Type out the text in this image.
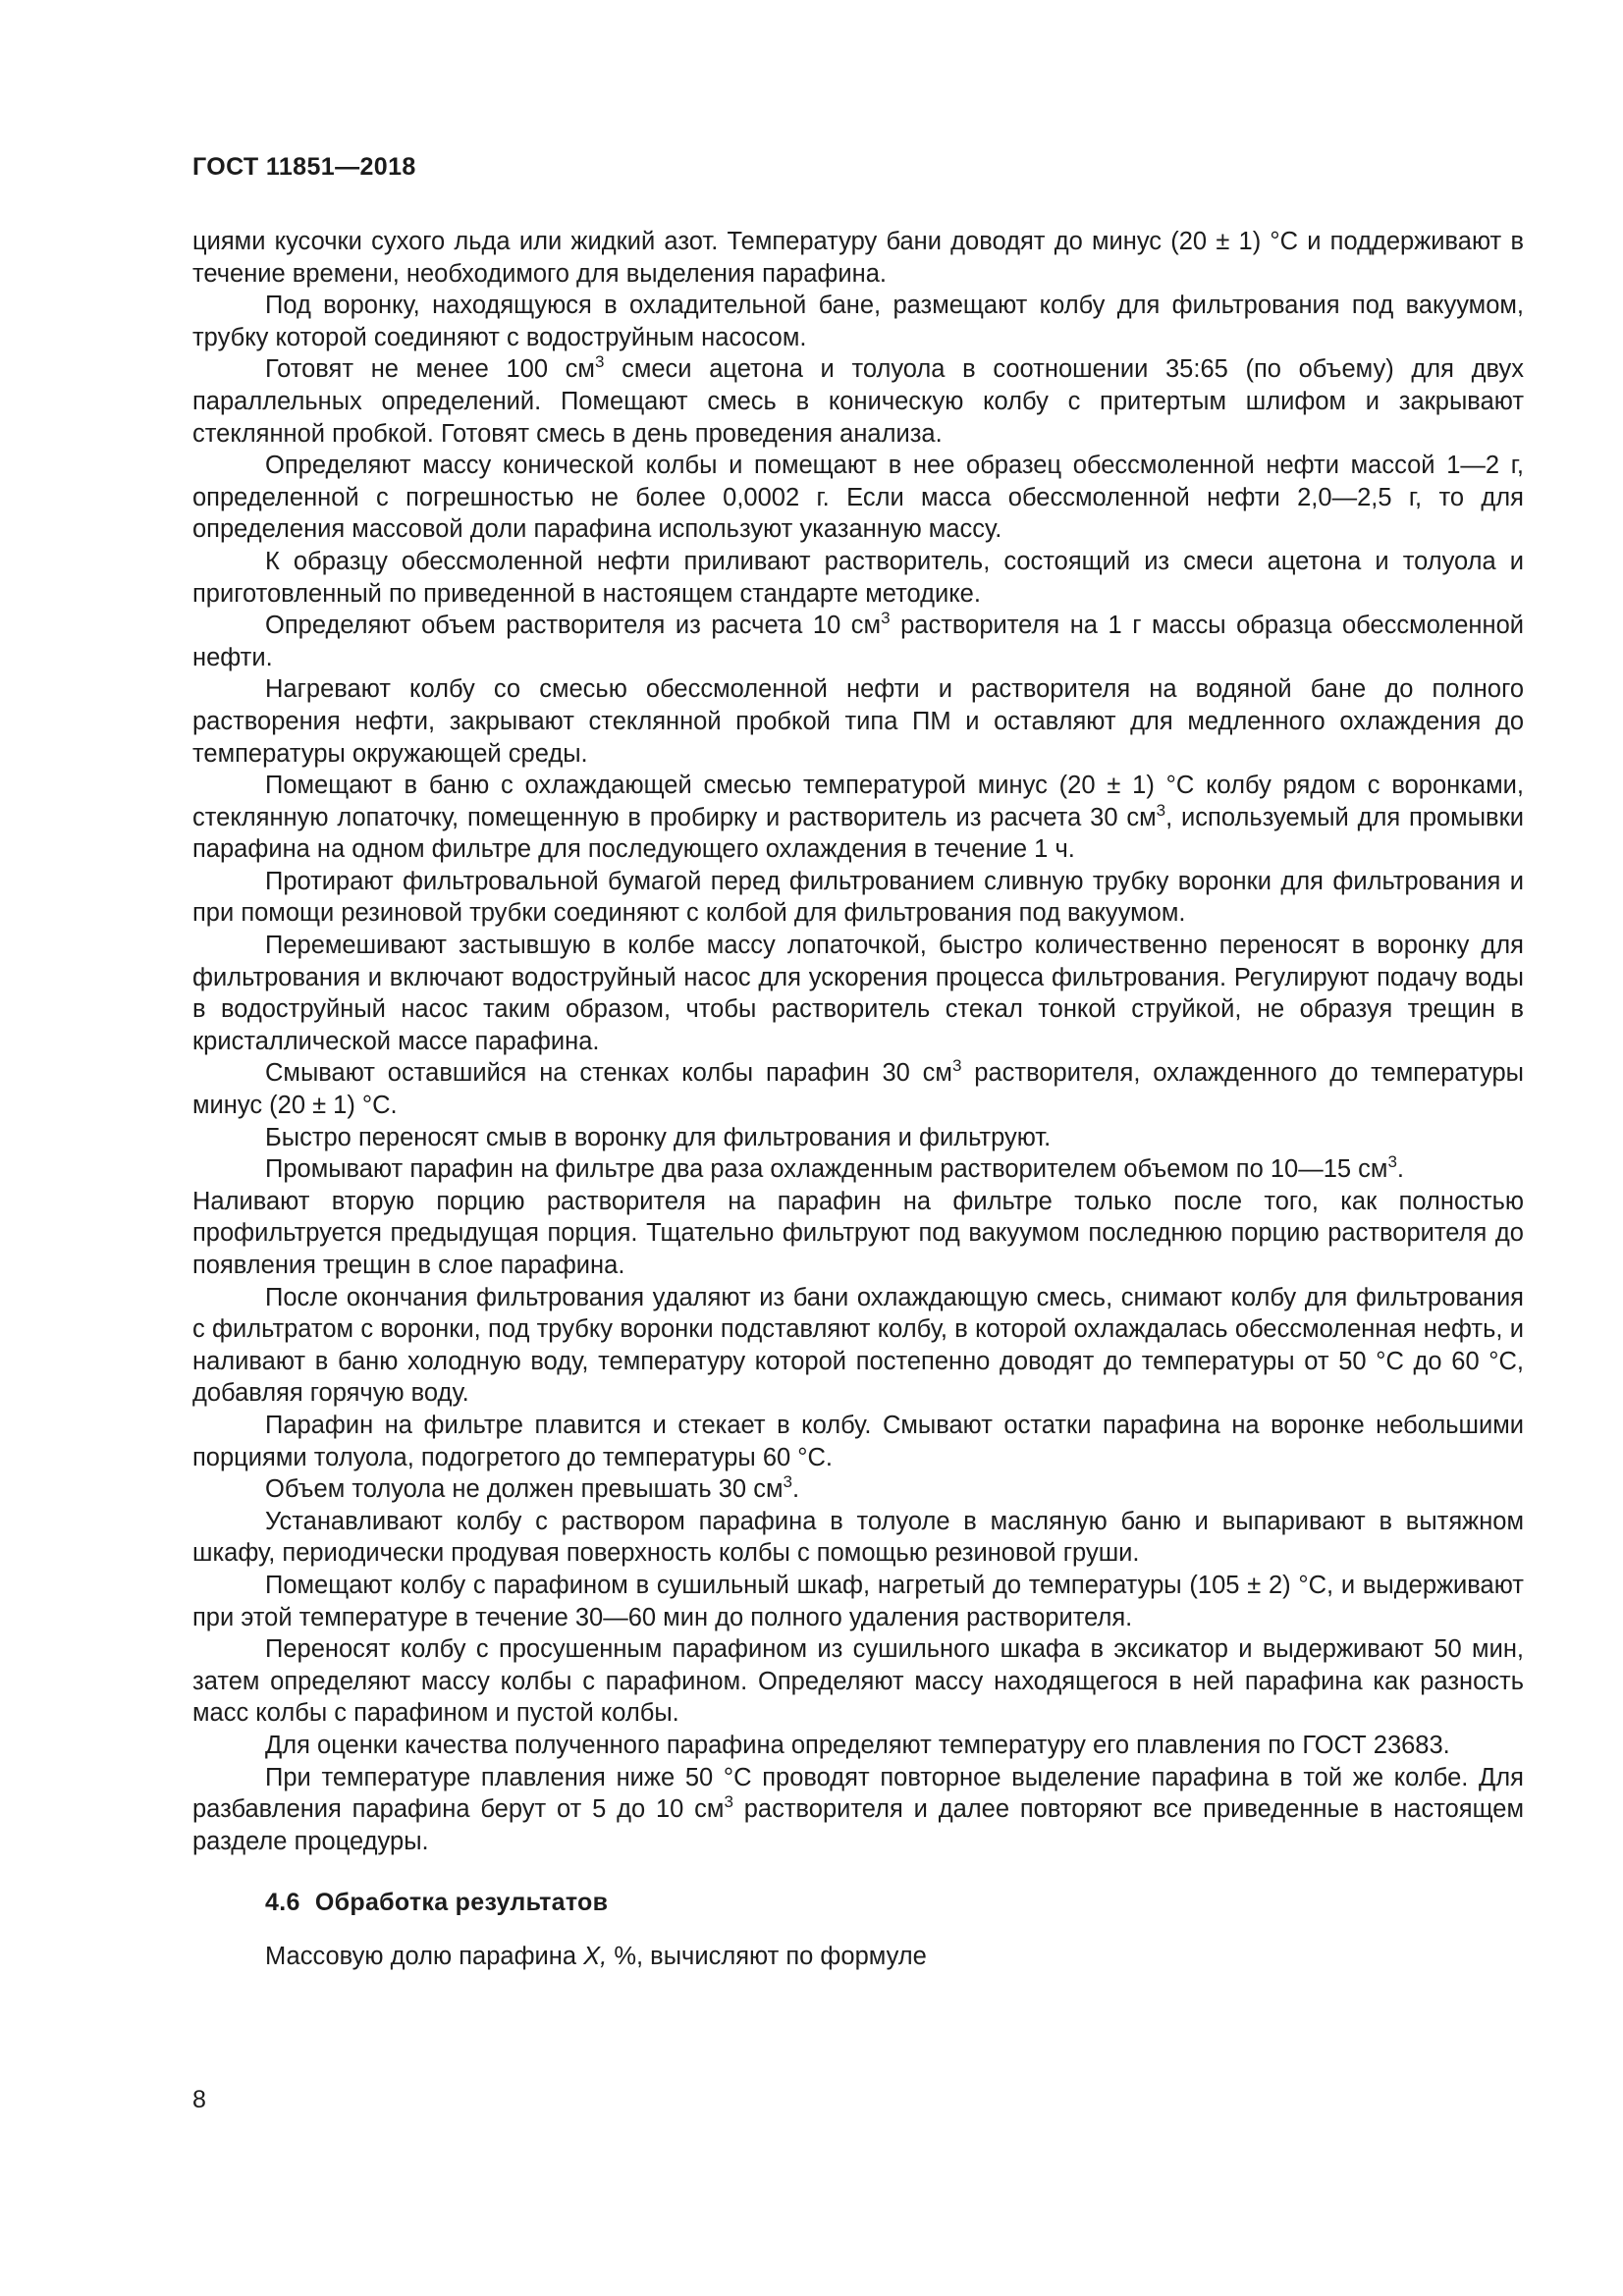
ГОСТ 11851—2018

циями кусочки сухого льда или жидкий азот. Температуру бани доводят до минус (20 ± 1) °С и поддерживают в течение времени, необходимого для выделения парафина.

Под воронку, находящуюся в охладительной бане, размещают колбу для фильтрования под вакуумом, трубку которой соединяют с водоструйным насосом.

Готовят не менее 100 $см^3$ смеси ацетона и толуола в соотношении 35:65 (по объему) для двух параллельных определений. Помещают смесь в коническую колбу с притертым шлифом и закрывают стеклянной пробкой. Готовят смесь в день проведения анализа.

Определяют массу конической колбы и помещают в нее образец обессмоленной нефти массой 1—2 г, определенной с погрешностью не более 0,0002 г. Если масса обессмоленной нефти 2,0—2,5 г, то для определения массовой доли парафина используют указанную массу.

К образцу обессмоленной нефти приливают растворитель, состоящий из смеси ацетона и толуола и приготовленный по приведенной в настоящем стандарте методике.

Определяют объем растворителя из расчета 10 $см^3$ растворителя на 1 г массы образца обессмоленной нефти.

Нагревают колбу со смесью обессмоленной нефти и растворителя на водяной бане до полного растворения нефти, закрывают стеклянной пробкой типа ПМ и оставляют для медленного охлаждения до температуры окружающей среды.

Помещают в баню с охлаждающей смесью температурой минус (20 ± 1) °С колбу рядом с воронками, стеклянную лопаточку, помещенную в пробирку и растворитель из расчета 30 $см^3$, используемый для промывки парафина на одном фильтре для последующего охлаждения в течение 1 ч.

Протирают фильтровальной бумагой перед фильтрованием сливную трубку воронки для фильтрования и при помощи резиновой трубки соединяют с колбой для фильтрования под вакуумом.

Перемешивают застывшую в колбе массу лопаточкой, быстро количественно переносят в воронку для фильтрования и включают водоструйный насос для ускорения процесса фильтрования. Регулируют подачу воды в водоструйный насос таким образом, чтобы растворитель стекал тонкой струйкой, не образуя трещин в кристаллической массе парафина.

Смывают оставшийся на стенках колбы парафин 30 $см^3$ растворителя, охлажденного до температуры минус (20 ± 1) °С.

Быстро переносят смыв в воронку для фильтрования и фильтруют.

Промывают парафин на фильтре два раза охлажденным растворителем объемом по 10—15 $см^3$.

Наливают вторую порцию растворителя на парафин на фильтре только после того, как полностью профильтруется предыдущая порция. Тщательно фильтруют под вакуумом последнюю порцию растворителя до появления трещин в слое парафина.

После окончания фильтрования удаляют из бани охлаждающую смесь, снимают колбу для фильтрования с фильтратом с воронки, под трубку воронки подставляют колбу, в которой охлаждалась обессмоленная нефть, и наливают в баню холодную воду, температуру которой постепенно доводят до температуры от 50 °С до 60 °С, добавляя горячую воду.

Парафин на фильтре плавится и стекает в колбу. Смывают остатки парафина на воронке небольшими порциями толуола, подогретого до температуры 60 °С.

Объем толуола не должен превышать 30 $см^3$.

Устанавливают колбу с раствором парафина в толуоле в масляную баню и выпаривают в вытяжном шкафу, периодически продувая поверхность колбы с помощью резиновой груши.

Помещают колбу с парафином в сушильный шкаф, нагретый до температуры (105 ± 2) °С, и выдерживают при этой температуре в течение 30—60 мин до полного удаления растворителя.

Переносят колбу с просушенным парафином из сушильного шкафа в эксикатор и выдерживают 50 мин, затем определяют массу колбы с парафином. Определяют массу находящегося в ней парафина как разность масс колбы с парафином и пустой колбы.

Для оценки качества полученного парафина определяют температуру его плавления по ГОСТ 23683.

При температуре плавления ниже 50 °С проводят повторное выделение парафина в той же колбе. Для разбавления парафина берут от 5 до 10 $см^3$ растворителя и далее повторяют все приведенные в настоящем разделе процедуры.

4.6 Обработка результатов

Массовую долю парафина X, %, вычисляют по формуле

8
